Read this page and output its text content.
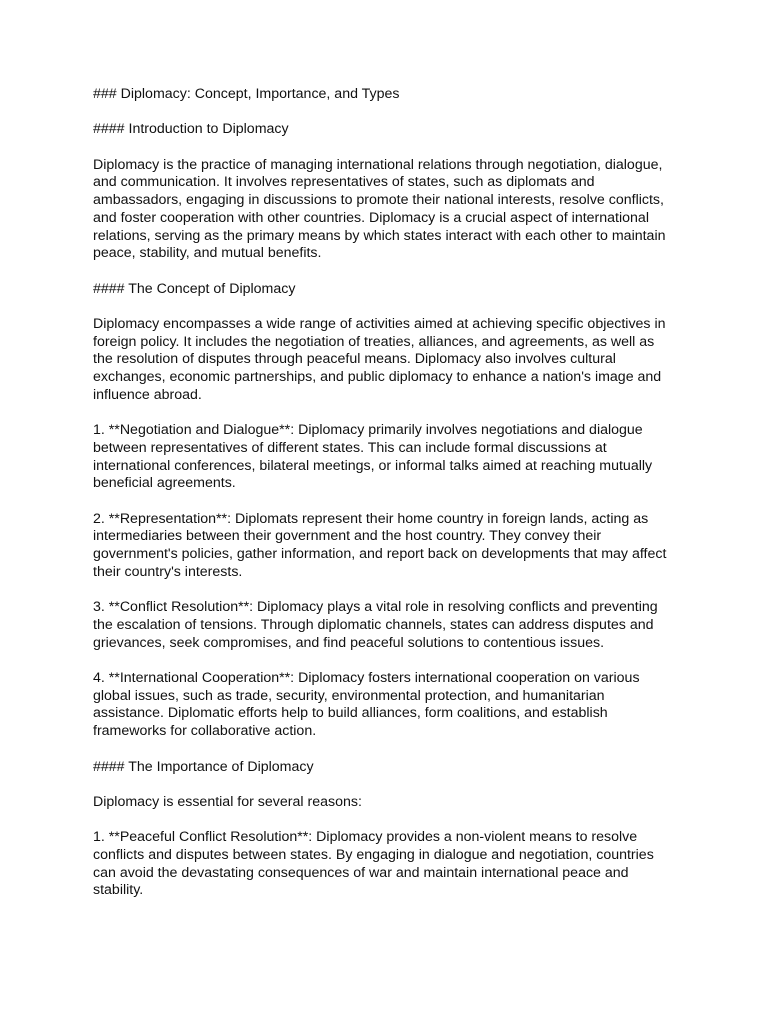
### Diplomacy: Concept, Importance, and Types

#### Introduction to Diplomacy

Diplomacy is the practice of managing international relations through negotiation, dialogue, and communication. It involves representatives of states, such as diplomats and ambassadors, engaging in discussions to promote their national interests, resolve conflicts, and foster cooperation with other countries. Diplomacy is a crucial aspect of international relations, serving as the primary means by which states interact with each other to maintain peace, stability, and mutual benefits.

#### The Concept of Diplomacy

Diplomacy encompasses a wide range of activities aimed at achieving specific objectives in foreign policy. It includes the negotiation of treaties, alliances, and agreements, as well as the resolution of disputes through peaceful means. Diplomacy also involves cultural exchanges, economic partnerships, and public diplomacy to enhance a nation's image and influence abroad.

1. **Negotiation and Dialogue**: Diplomacy primarily involves negotiations and dialogue between representatives of different states. This can include formal discussions at international conferences, bilateral meetings, or informal talks aimed at reaching mutually beneficial agreements.

2. **Representation**: Diplomats represent their home country in foreign lands, acting as intermediaries between their government and the host country. They convey their government's policies, gather information, and report back on developments that may affect their country's interests.

3. **Conflict Resolution**: Diplomacy plays a vital role in resolving conflicts and preventing the escalation of tensions. Through diplomatic channels, states can address disputes and grievances, seek compromises, and find peaceful solutions to contentious issues.

4. **International Cooperation**: Diplomacy fosters international cooperation on various global issues, such as trade, security, environmental protection, and humanitarian assistance. Diplomatic efforts help to build alliances, form coalitions, and establish frameworks for collaborative action.

#### The Importance of Diplomacy

Diplomacy is essential for several reasons:

1. **Peaceful Conflict Resolution**: Diplomacy provides a non-violent means to resolve conflicts and disputes between states. By engaging in dialogue and negotiation, countries can avoid the devastating consequences of war and maintain international peace and stability.
